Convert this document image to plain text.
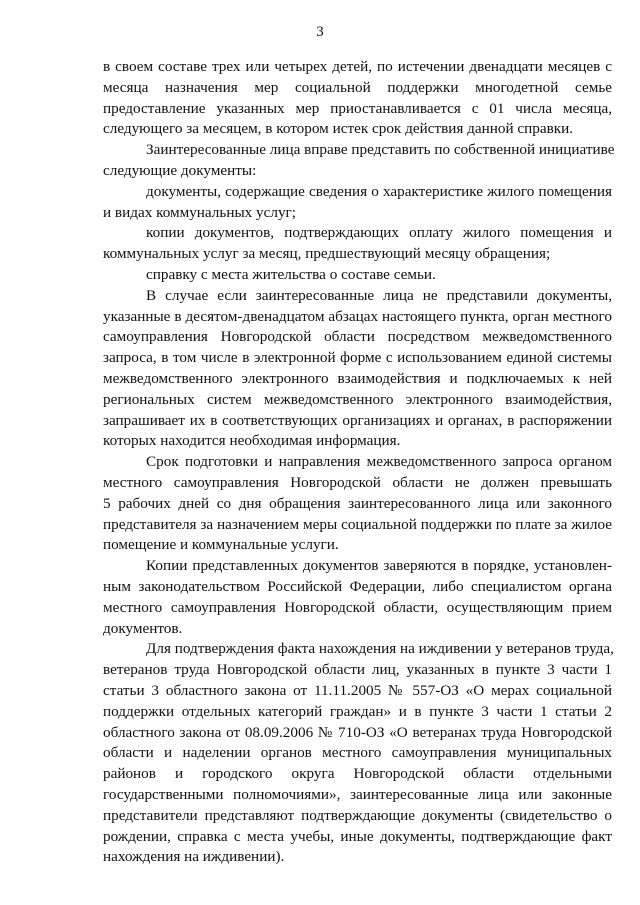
3
в своем составе трех или четырех детей, по истечении двенадцати месяцев с
месяца назначения мер социальной поддержки многодетной семье
предоставление указанных мер приостанавливается с 01 числа месяца,
следующего за месяцем, в котором истек срок действия данной справки.
Заинтересованные лица вправе представить по собственной инициативе
следующие документы:
документы, содержащие сведения о характеристике жилого помещения
и видах коммунальных услуг;
копии документов, подтверждающих оплату жилого помещения и
коммунальных услуг за месяц, предшествующий месяцу обращения;
справку с места жительства о составе семьи.
В случае если заинтересованные лица не представили документы,
указанные в десятом-двенадцатом абзацах настоящего пункта, орган местного
самоуправления Новгородской области посредством межведомственного
запроса, в том числе в электронной форме с использованием единой системы
межведомственного электронного взаимодействия и подключаемых к ней
региональных систем межведомственного электронного взаимодействия,
запрашивает их в соответствующих организациях и органах, в распоряжении
которых находится необходимая информация.
Срок подготовки и направления межведомственного запроса органом
местного самоуправления Новгородской области не должен превышать
5 рабочих дней со дня обращения заинтересованного лица или законного
представителя за назначением меры социальной поддержки по плате за жилое
помещение и коммунальные услуги.
Копии представленных документов заверяются в порядке, установлен-
ным законодательством Российской Федерации, либо специалистом органа
местного самоуправления Новгородской области, осуществляющим прием
документов.
Для подтверждения факта нахождения на иждивении у ветеранов труда,
ветеранов труда Новгородской области лиц, указанных в пункте 3 части 1
статьи 3 областного закона от 11.11.2005 № 557-ОЗ «О мерах социальной
поддержки отдельных категорий граждан» и в пункте 3 части 1 статьи 2
областного закона от 08.09.2006 № 710-ОЗ «О ветеранах труда Новгородской
области и наделении органов местного самоуправления муниципальных
районов и городского округа Новгородской области отдельными
государственными полномочиями», заинтересованные лица или законные
представители представляют подтверждающие документы (свидетельство о
рождении, справка с места учебы, иные документы, подтверждающие факт
нахождения на иждивении).
